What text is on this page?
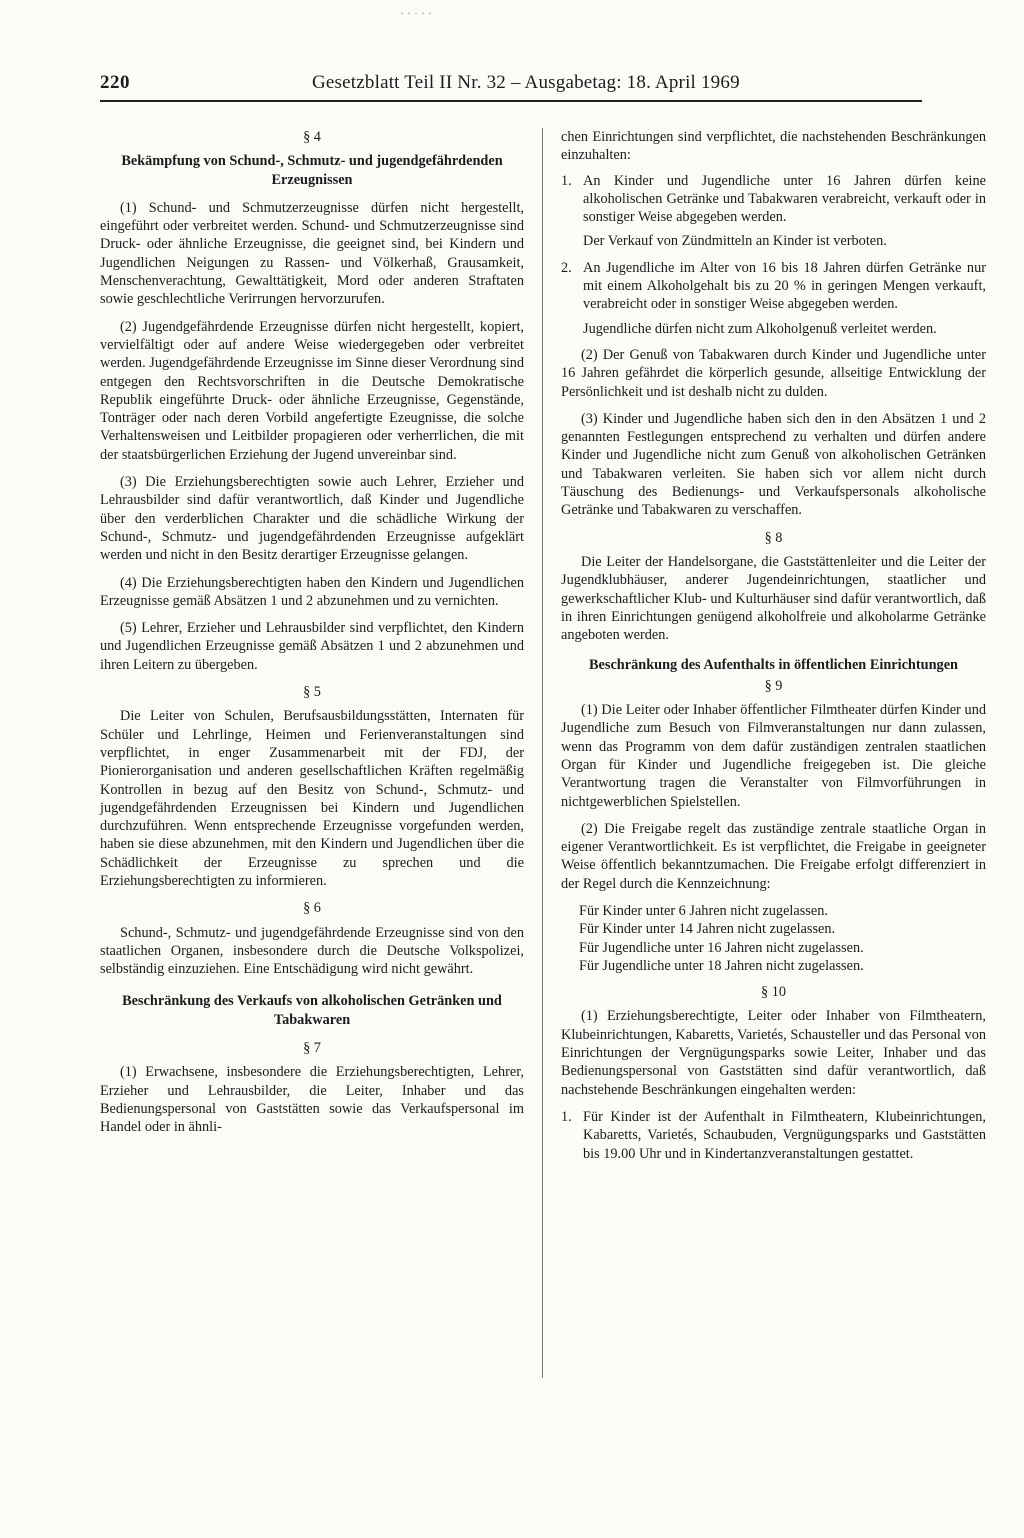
·····
220	Gesetzblatt Teil II Nr. 32 – Ausgabetag: 18. April 1969
§ 4
Bekämpfung von Schund-, Schmutz- und jugendgefährdenden Erzeugnissen

(1) Schund- und Schmutzerzeugnisse dürfen nicht hergestellt, eingeführt oder verbreitet werden. Schund- und Schmutzerzeugnisse sind Druck- oder ähnliche Erzeugnisse, die geeignet sind, bei Kindern und Jugendlichen Neigungen zu Rassen- und Völkerhaß, Grausamkeit, Menschenverachtung, Gewalttätigkeit, Mord oder anderen Straftaten sowie geschlechtliche Verirrungen hervorzurufen.

(2) Jugendgefährdende Erzeugnisse dürfen nicht hergestellt, kopiert, vervielfältigt oder auf andere Weise wiedergegeben oder verbreitet werden. Jugendgefährdende Erzeugnisse im Sinne dieser Verordnung sind entgegen den Rechtsvorschriften in die Deutsche Demokratische Republik eingeführte Druck- oder ähnliche Erzeugnisse, Gegenstände, Tonträger oder nach deren Vorbild angefertigte Ezeugnisse, die solche Verhaltensweisen und Leitbilder propagieren oder verherrlichen, die mit der staatsbürgerlichen Erziehung der Jugend unvereinbar sind.

(3) Die Erziehungsberechtigten sowie auch Lehrer, Erzieher und Lehrausbilder sind dafür verantwortlich, daß Kinder und Jugendliche über den verderblichen Charakter und die schädliche Wirkung der Schund-, Schmutz- und jugendgefährdenden Erzeugnisse aufgeklärt werden und nicht in den Besitz derartiger Erzeugnisse gelangen.

(4) Die Erziehungsberechtigten haben den Kindern und Jugendlichen Erzeugnisse gemäß Absätzen 1 und 2 abzunehmen und zu vernichten.

(5) Lehrer, Erzieher und Lehrausbilder sind verpflichtet, den Kindern und Jugendlichen Erzeugnisse gemäß Absätzen 1 und 2 abzunehmen und ihren Leitern zu übergeben.

§ 5

Die Leiter von Schulen, Berufsausbildungsstätten, Internaten für Schüler und Lehrlinge, Heimen und Ferienveranstaltungen sind verpflichtet, in enger Zusammenarbeit mit der FDJ, der Pionierorganisation und anderen gesellschaftlichen Kräften regelmäßig Kontrollen in bezug auf den Besitz von Schund-, Schmutz- und jugendgefährdenden Erzeugnissen bei Kindern und Jugendlichen durchzuführen. Wenn entsprechende Erzeugnisse vorgefunden werden, haben sie diese abzunehmen, mit den Kindern und Jugendlichen über die Schädlichkeit der Erzeugnisse zu sprechen und die Erziehungsberechtigten zu informieren.

§ 6

Schund-, Schmutz- und jugendgefährdende Erzeugnisse sind von den staatlichen Organen, insbesondere durch die Deutsche Volkspolizei, selbständig einzuziehen. Eine Entschädigung wird nicht gewährt.

Beschränkung des Verkaufs von alkoholischen Getränken und Tabakwaren
§ 7

(1) Erwachsene, insbesondere die Erziehungsberechtigten, Lehrer, Erzieher und Lehrausbilder, die Leiter, Inhaber und das Bedienungspersonal von Gaststätten sowie das Verkaufspersonal im Handel oder in ähnli-

chen Einrichtungen sind verpflichtet, die nachstehenden Beschränkungen einzuhalten:

1. An Kinder und Jugendliche unter 16 Jahren dürfen keine alkoholischen Getränke und Tabakwaren verabreicht, verkauft oder in sonstiger Weise abgegeben werden.

Der Verkauf von Zündmitteln an Kinder ist verboten.

2. An Jugendliche im Alter von 16 bis 18 Jahren dürfen Getränke nur mit einem Alkoholgehalt bis zu 20 % in geringen Mengen verkauft, verabreicht oder in sonstiger Weise abgegeben werden.

Jugendliche dürfen nicht zum Alkoholgenuß verleitet werden.

(2) Der Genuß von Tabakwaren durch Kinder und Jugendliche unter 16 Jahren gefährdet die körperlich gesunde, allseitige Entwicklung der Persönlichkeit und ist deshalb nicht zu dulden.

(3) Kinder und Jugendliche haben sich den in den Absätzen 1 und 2 genannten Festlegungen entsprechend zu verhalten und dürfen andere Kinder und Jugendliche nicht zum Genuß von alkoholischen Getränken und Tabakwaren verleiten. Sie haben sich vor allem nicht durch Täuschung des Bedienungs- und Verkaufspersonals alkoholische Getränke und Tabakwaren zu verschaffen.

§ 8

Die Leiter der Handelsorgane, die Gaststättenleiter und die Leiter der Jugendklubhäuser, anderer Jugendeinrichtungen, staatlicher und gewerkschaftlicher Klub- und Kulturhäuser sind dafür verantwortlich, daß in ihren Einrichtungen genügend alkoholfreie und alkoholarme Getränke angeboten werden.

Beschränkung des Aufenthalts in öffentlichen Einrichtungen
§ 9

(1) Die Leiter oder Inhaber öffentlicher Filmtheater dürfen Kinder und Jugendliche zum Besuch von Filmveranstaltungen nur dann zulassen, wenn das Programm von dem dafür zuständigen zentralen staatlichen Organ für Kinder und Jugendliche freigegeben ist. Die gleiche Verantwortung tragen die Veranstalter von Filmvorführungen in nichtgewerblichen Spielstellen.

(2) Die Freigabe regelt das zuständige zentrale staatliche Organ in eigener Verantwortlichkeit. Es ist verpflichtet, die Freigabe in geeigneter Weise öffentlich bekanntzumachen. Die Freigabe erfolgt differenziert in der Regel durch die Kennzeichnung:

Für Kinder unter 6 Jahren nicht zugelassen.
Für Kinder unter 14 Jahren nicht zugelassen.
Für Jugendliche unter 16 Jahren nicht zugelassen.
Für Jugendliche unter 18 Jahren nicht zugelassen.
§ 10

(1) Erziehungsberechtigte, Leiter oder Inhaber von Filmtheatern, Klubeinrichtungen, Kabaretts, Varietés, Schausteller und das Personal von Einrichtungen der Vergnügungsparks sowie Leiter, Inhaber und das Bedienungspersonal von Gaststätten sind dafür verantwortlich, daß nachstehende Beschränkungen eingehalten werden:

1. Für Kinder ist der Aufenthalt in Filmtheatern, Klubeinrichtungen, Kabaretts, Varietés, Schaubuden, Vergnügungsparks und Gaststätten bis 19.00 Uhr und in Kindertanzveranstaltungen gestattet.
